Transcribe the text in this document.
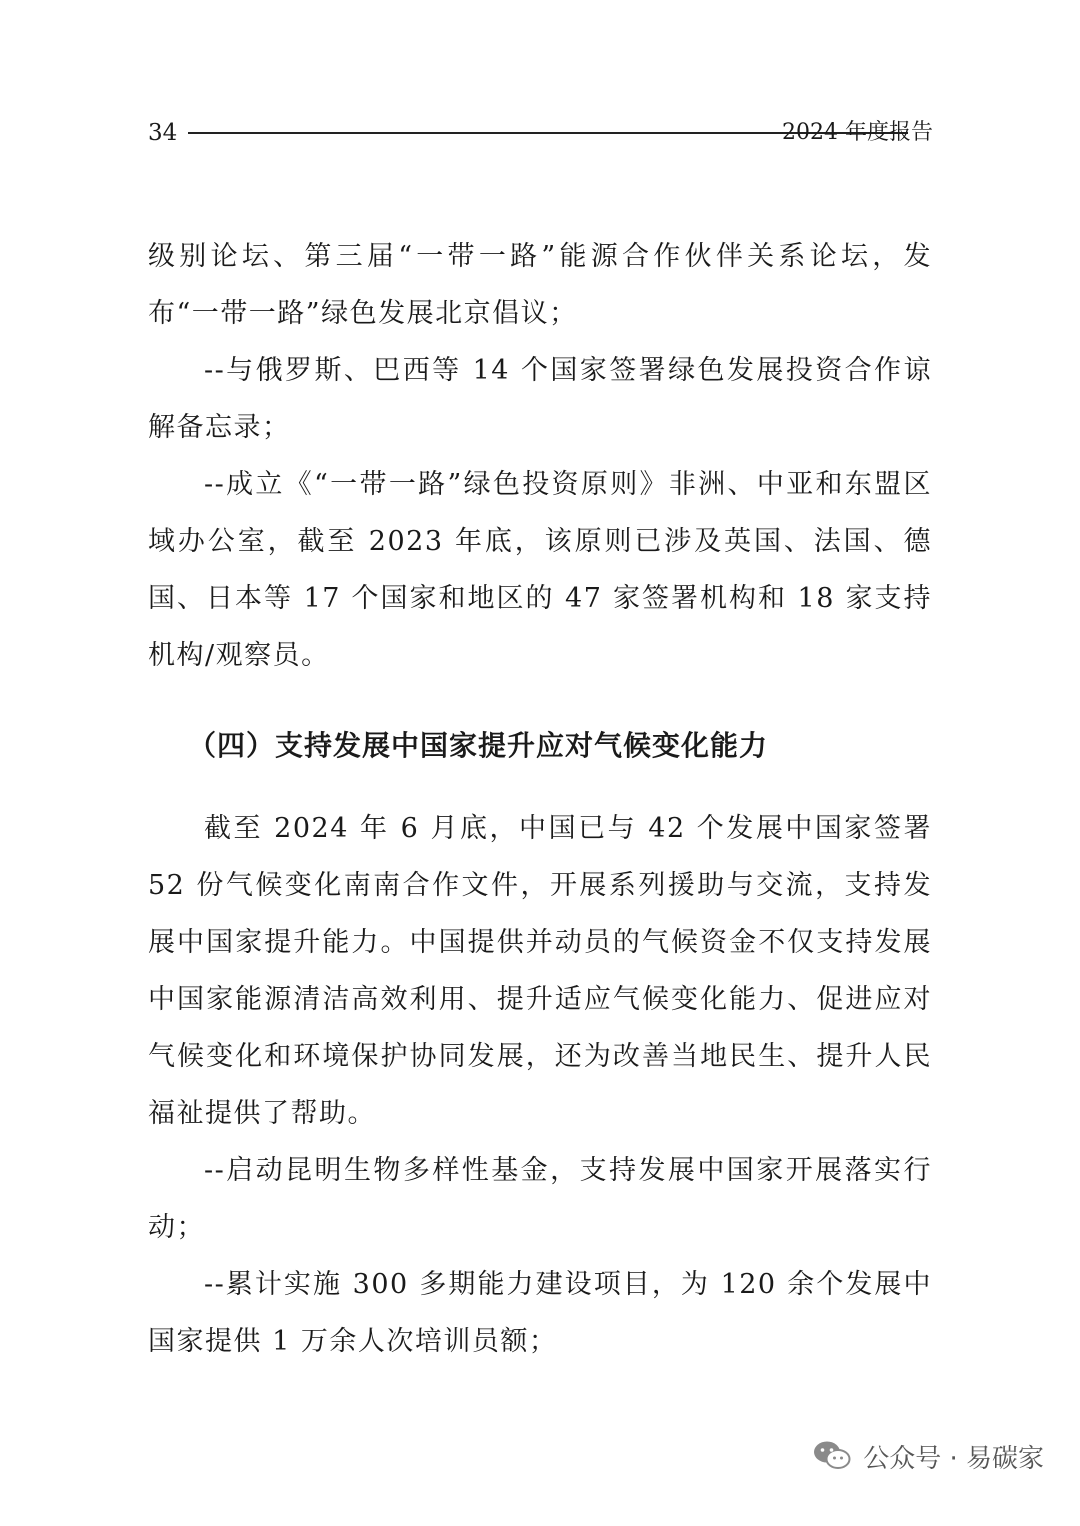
34	2024 年度报告

级别论坛、第三届“一带一路”能源合作伙伴关系论坛，发布“一带一路”绿色发展北京倡议；

--与俄罗斯、巴西等 14 个国家签署绿色发展投资合作谅解备忘录；

--成立《“一带一路”绿色投资原则》非洲、中亚和东盟区域办公室，截至 2023 年底，该原则已涉及英国、法国、德国、日本等 17 个国家和地区的 47 家签署机构和 18 家支持机构/观察员。

（四）支持发展中国家提升应对气候变化能力

截至 2024 年 6 月底，中国已与 42 个发展中国家签署 52 份气候变化南南合作文件，开展系列援助与交流，支持发展中国家提升能力。中国提供并动员的气候资金不仅支持发展中国家能源清洁高效利用、提升适应气候变化能力、促进应对气候变化和环境保护协同发展，还为改善当地民生、提升人民福祉提供了帮助。

--启动昆明生物多样性基金，支持发展中国家开展落实行动；

--累计实施 300 多期能力建设项目，为 120 余个发展中国家提供 1 万余人次培训员额；

公众号 · 易碳家
